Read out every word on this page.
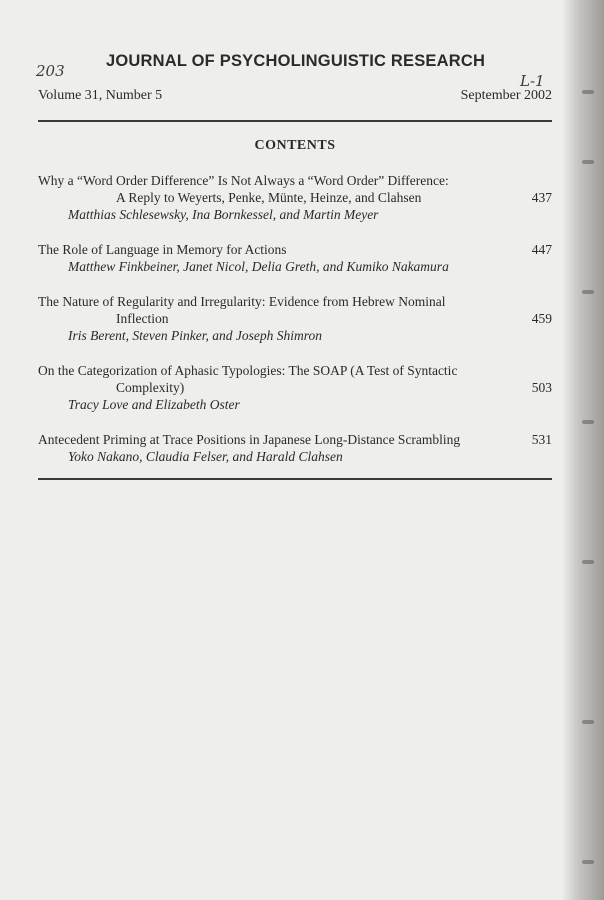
203
L-1
JOURNAL OF PSYCHOLINGUISTIC RESEARCH
Volume 31, Number 5	September 2002
CONTENTS
Why a “Word Order Difference” Is Not Always a “Word Order” Difference:
A Reply to Weyerts, Penke, Münte, Heinze, and Clahsen	437
Matthias Schlesewsky, Ina Bornkessel, and Martin Meyer
The Role of Language in Memory for Actions	447
Matthew Finkbeiner, Janet Nicol, Delia Greth, and Kumiko Nakamura
The Nature of Regularity and Irregularity: Evidence from Hebrew Nominal
Inflection	459
Iris Berent, Steven Pinker, and Joseph Shimron
On the Categorization of Aphasic Typologies: The SOAP (A Test of Syntactic
Complexity)	503
Tracy Love and Elizabeth Oster
Antecedent Priming at Trace Positions in Japanese Long-Distance Scrambling	531
Yoko Nakano, Claudia Felser, and Harald Clahsen
